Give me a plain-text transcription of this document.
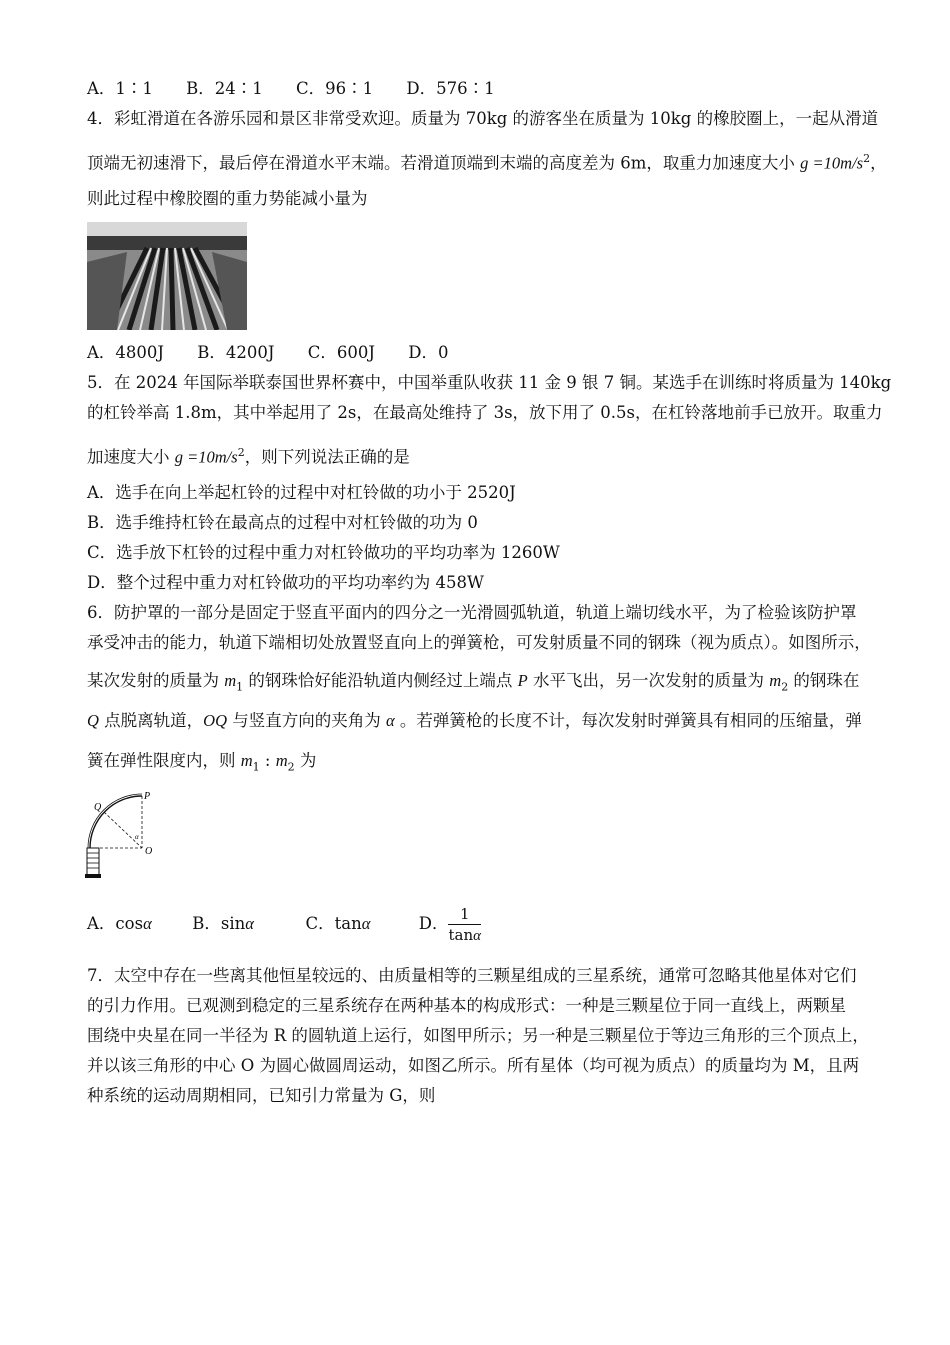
A．1∶1 B．24∶1 C．96∶1 D．576∶1
4．彩虹滑道在各游乐园和景区非常受欢迎。质量为 70kg 的游客坐在质量为 10kg 的橡胶圈上，一起从滑道
顶端无初速滑下，最后停在滑道水平末端。若滑道顶端到末端的高度差为 6m，取重力加速度大小 $g =10m/s^2$，
则此过程中橡胶圈的重力势能减小量为
A．4800J B．4200J C．600J D．0
5．在 2024 年国际举联泰国世界杯赛中，中国举重队收获 11 金 9 银 7 铜。某选手在训练时将质量为 140kg
的杠铃举高 1.8m，其中举起用了 2s，在最高处维持了 3s，放下用了 0.5s，在杠铃落地前手已放开。取重力
加速度大小 $g =10m/s^2$，则下列说法正确的是
A．选手在向上举起杠铃的过程中对杠铃做的功小于 2520J
B．选手维持杠铃在最高点的过程中对杠铃做的功为 0
C．选手放下杠铃的过程中重力对杠铃做功的平均功率为 1260W
D．整个过程中重力对杠铃做功的平均功率约为 458W
6．防护罩的一部分是固定于竖直平面内的四分之一光滑圆弧轨道，轨道上端切线水平，为了检验该防护罩
承受冲击的能力，轨道下端相切处放置竖直向上的弹簧枪，可发射质量不同的钢珠（视为质点）。如图所示，
某次发射的质量为 $m_1$ 的钢珠恰好能沿轨道内侧经过上端点 P 水平飞出，另一次发射的质量为 $m_2$ 的钢珠在
Q 点脱离轨道，OQ 与竖直方向的夹角为 α 。若弹簧枪的长度不计，每次发射时弹簧具有相同的压缩量，弹
簧在弹性限度内，则 $m_1$ : $m_2$ 为
P
Q
O
α
A．cosα B．sinα	C．tanα	D． $\frac{1}{\tan\alpha}$
7．太空中存在一些离其他恒星较远的、由质量相等的三颗星组成的三星系统，通常可忽略其他星体对它们
的引力作用。已观测到稳定的三星系统存在两种基本的构成形式：一种是三颗星位于同一直线上，两颗星
围绕中央星在同一半径为 R 的圆轨道上运行，如图甲所示；另一种是三颗星位于等边三角形的三个顶点上，
并以该三角形的中心 O 为圆心做圆周运动，如图乙所示。所有星体（均可视为质点）的质量均为 M，且两
种系统的运动周期相同，已知引力常量为 G，则
